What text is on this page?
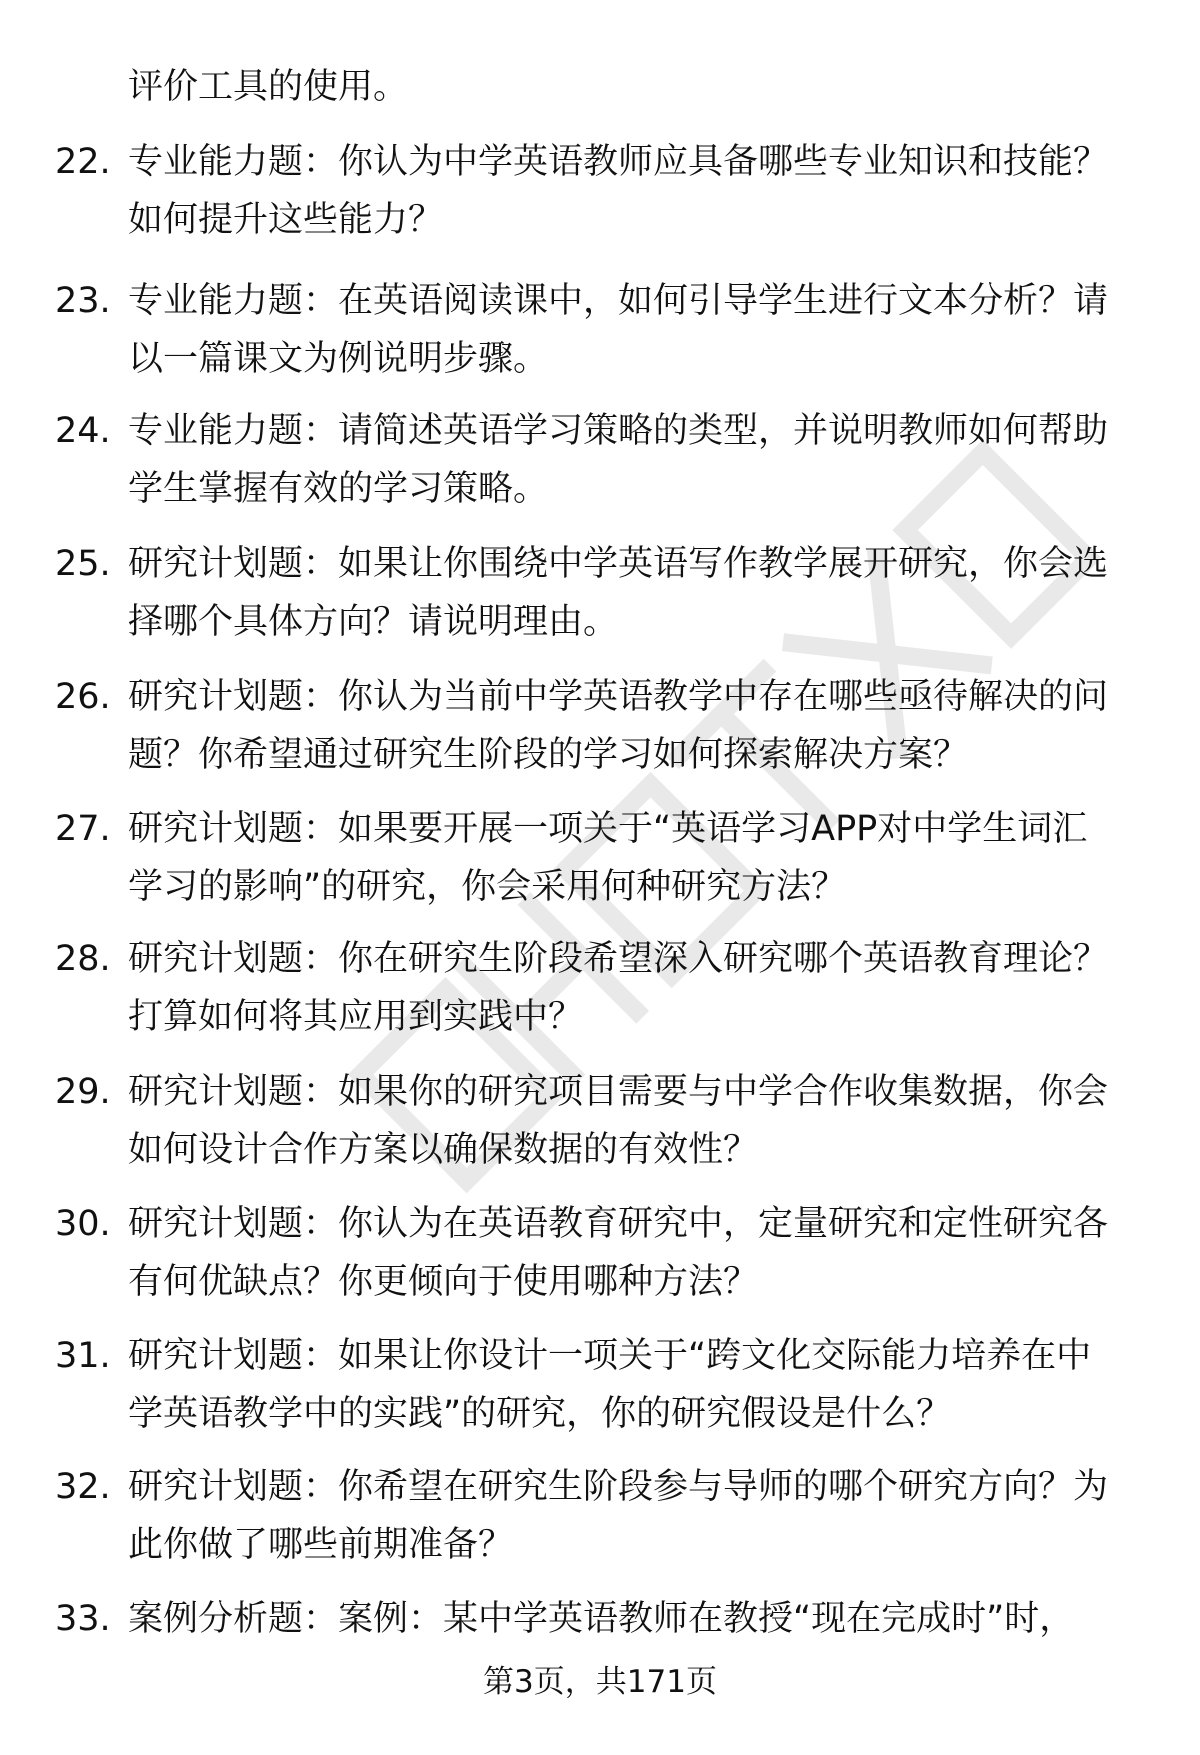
评价工具的使用。
22. 专业能力题：你认为中学英语教师应具备哪些专业知识和技能？
如何提升这些能力？
23. 专业能力题：在英语阅读课中，如何引导学生进行文本分析？请
以一篇课文为例说明步骤。
24. 专业能力题：请简述英语学习策略的类型，并说明教师如何帮助
学生掌握有效的学习策略。
25. 研究计划题：如果让你围绕中学英语写作教学展开研究，你会选
择哪个具体方向？请说明理由。
26. 研究计划题：你认为当前中学英语教学中存在哪些亟待解决的问
题？你希望通过研究生阶段的学习如何探索解决方案？
27. 研究计划题：如果要开展一项关于“英语学习APP对中学生词汇
学习的影响”的研究，你会采用何种研究方法？
28. 研究计划题：你在研究生阶段希望深入研究哪个英语教育理论？
打算如何将其应用到实践中？
29. 研究计划题：如果你的研究项目需要与中学合作收集数据，你会
如何设计合作方案以确保数据的有效性？
30. 研究计划题：你认为在英语教育研究中，定量研究和定性研究各
有何优缺点？你更倾向于使用哪种方法？
31. 研究计划题：如果让你设计一项关于“跨文化交际能力培养在中
学英语教学中的实践”的研究，你的研究假设是什么？
32. 研究计划题：你希望在研究生阶段参与导师的哪个研究方向？为
此你做了哪些前期准备？
33. 案例分析题：案例：某中学英语教师在教授“现在完成时”时，
第3页，共171页
